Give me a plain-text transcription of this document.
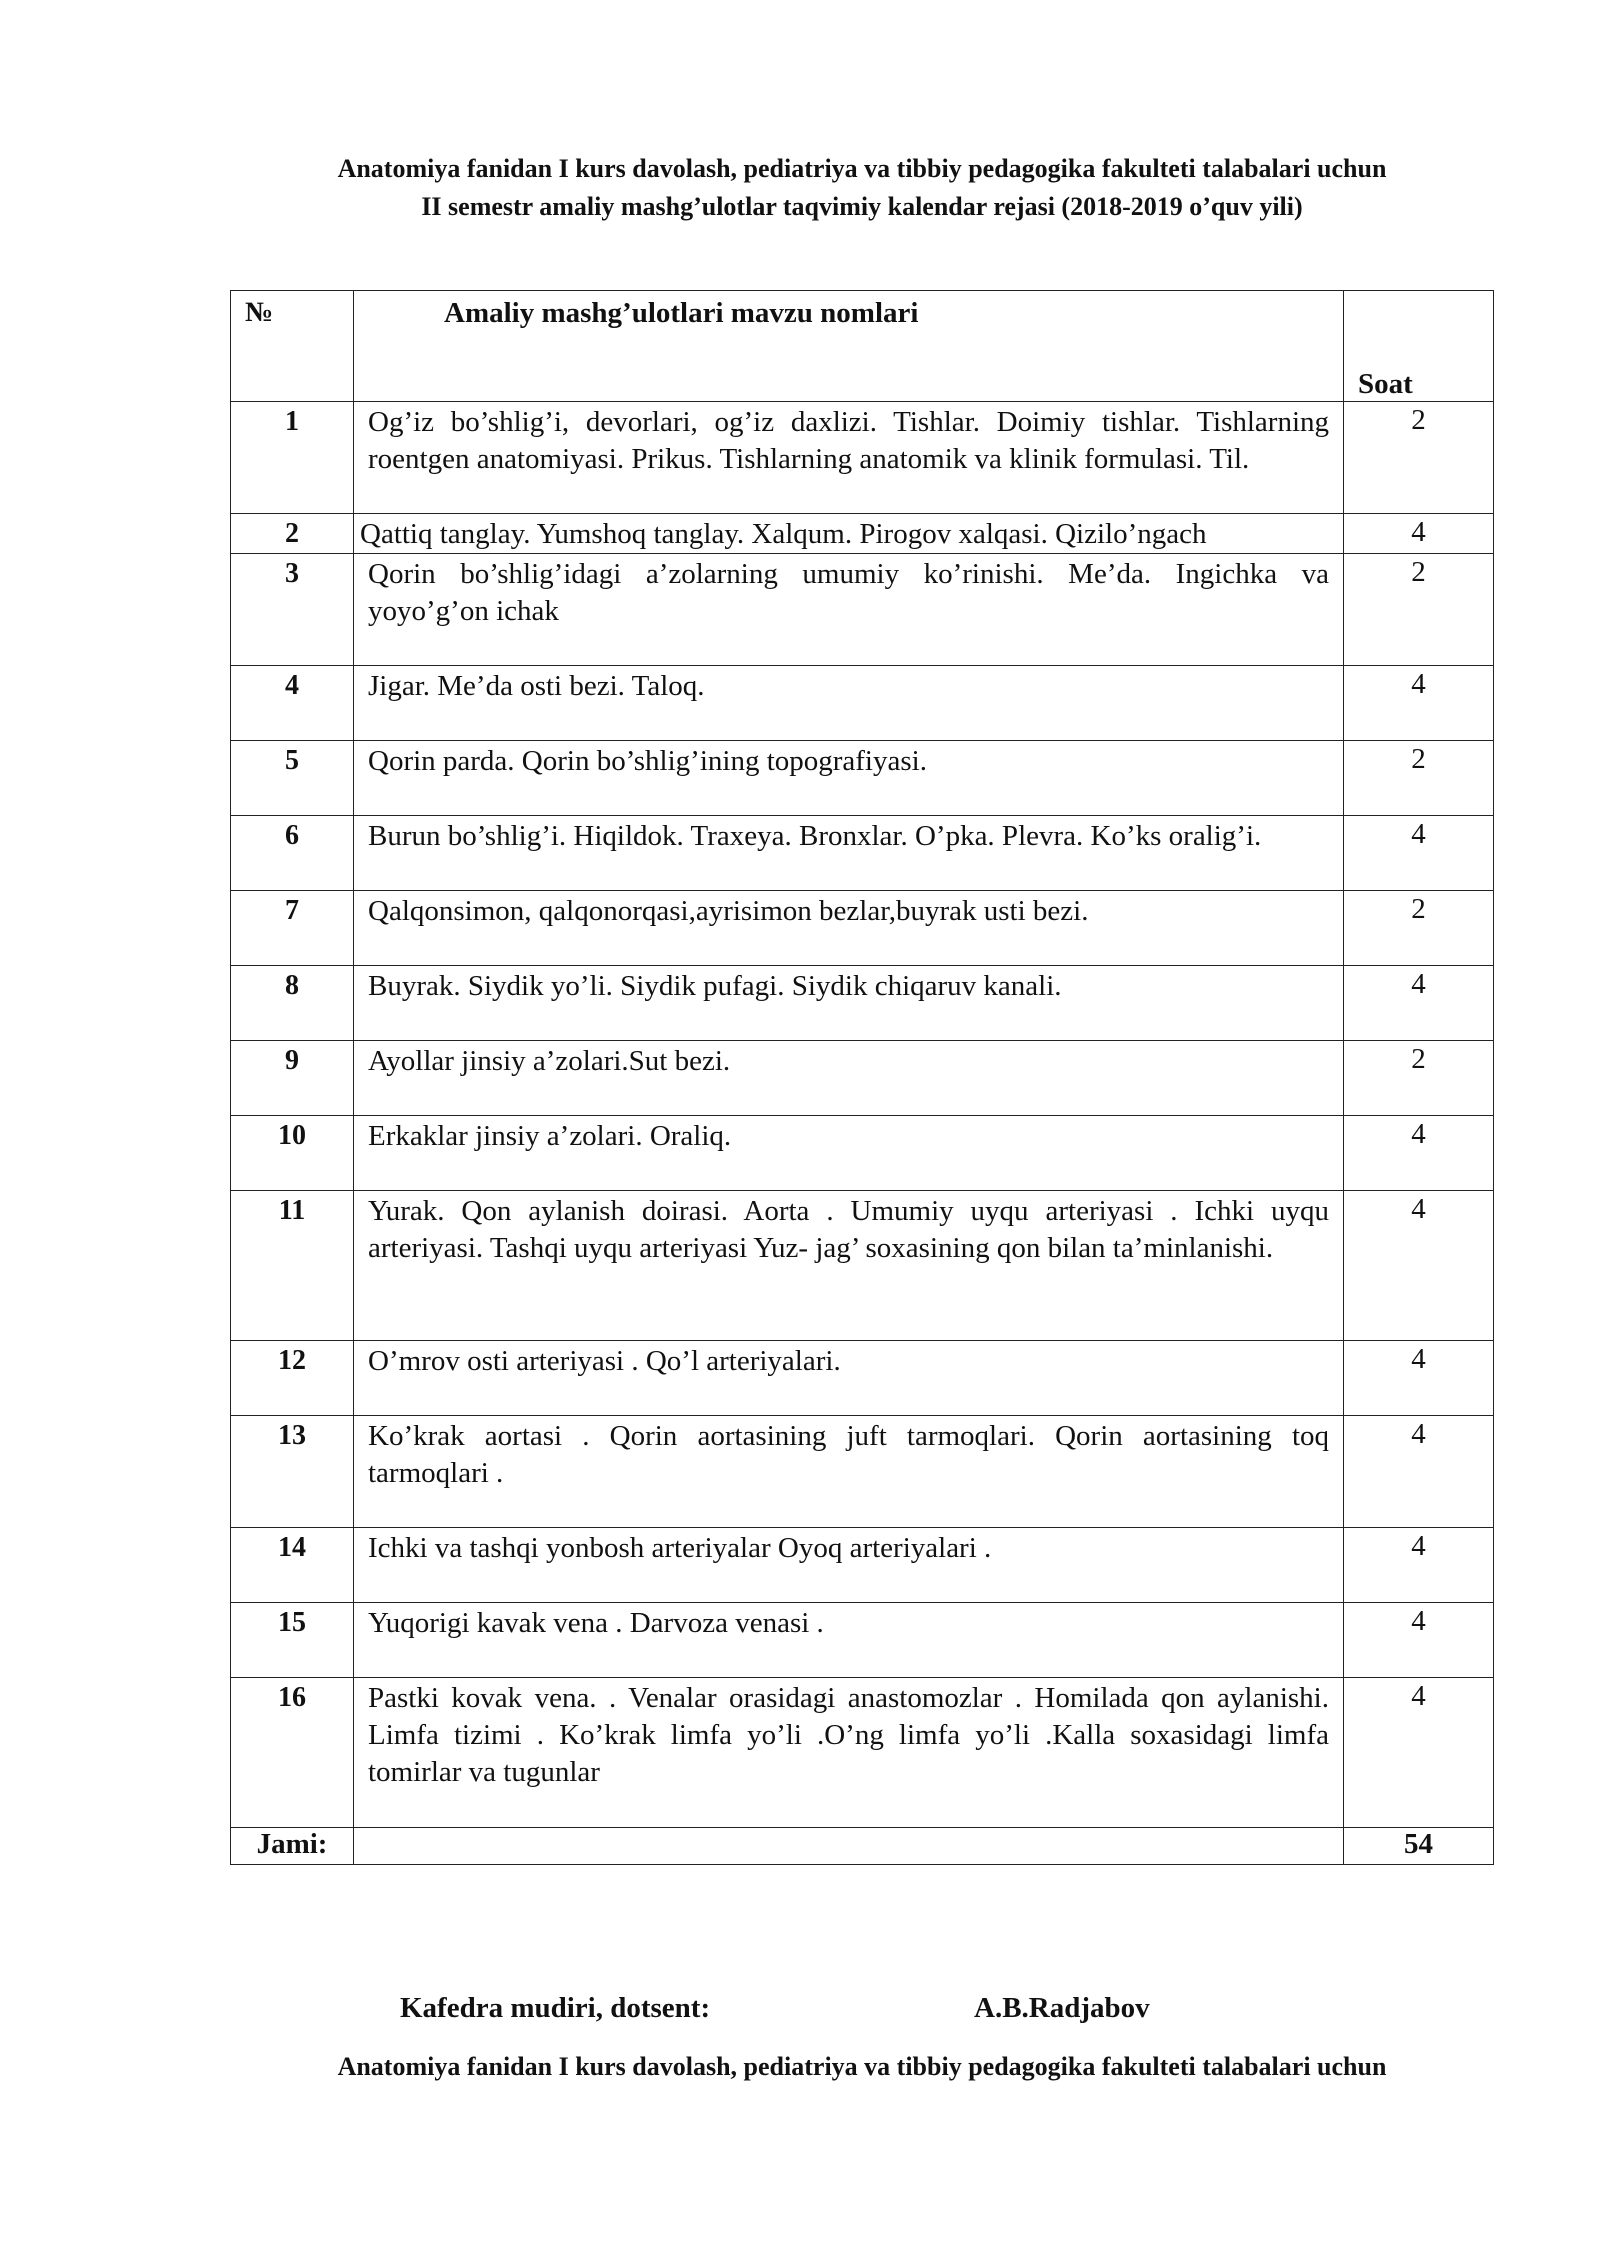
Anatomiya fanidan I kurs davolash, pediatriya va tibbiy pedagogika fakulteti talabalari uchun
II semestr amaliy mashg’ulotlar taqvimiy kalendar rejasi (2018-2019 o’quv yili)
№	Amaliy mashg’ulotlari mavzu nomlari	Soat
1	Og’iz bo’shlig’i, devorlari, og’iz daxlizi. Tishlar. Doimiy tishlar. Tishlarning roentgen anatomiyasi. Prikus. Tishlarning anatomik va klinik formulasi. Til.	2
2	Qattiq tanglay. Yumshoq tanglay. Xalqum. Pirogov xalqasi. Qizilo’ngach	4
3	Qorin bo’shlig’idagi a’zolarning umumiy ko’rinishi. Me’da. Ingichka va yoyo’g’on ichak	2
4	Jigar. Me’da osti bezi. Taloq.	4
5	Qorin parda. Qorin bo’shlig’ining topografiyasi.	2
6	Burun bo’shlig’i. Hiqildok. Traxeya. Bronxlar. O’pka. Plevra. Ko’ks oralig’i.	4
7	Qalqonsimon, qalqonorqasi,ayrisimon bezlar,buyrak usti bezi.	2
8	Buyrak. Siydik yo’li. Siydik pufagi. Siydik chiqaruv kanali.	4
9	Ayollar jinsiy a’zolari.Sut bezi.	2
10	Erkaklar jinsiy a’zolari. Oraliq.	4
11	Yurak. Qon aylanish doirasi. Aorta . Umumiy uyqu arteriyasi . Ichki uyqu arteriyasi. Tashqi uyqu arteriyasi Yuz- jag’ soxasining qon bilan ta’minlanishi.	4
12	O’mrov osti arteriyasi . Qo’l arteriyalari.	4
13	Ko’krak aortasi . Qorin aortasining juft tarmoqlari. Qorin aortasining toq tarmoqlari .	4
14	Ichki va tashqi yonbosh arteriyalar Oyoq arteriyalari .	4
15	Yuqorigi kavak vena . Darvoza venasi .	4
16	Pastki kovak vena. . Venalar orasidagi anastomozlar . Homilada qon aylanishi. Limfa tizimi . Ko’krak limfa yo’li .O’ng limfa yo’li .Kalla soxasidagi limfa tomirlar va tugunlar	4
Jami:		54
Kafedra mudiri, dotsent:	A.B.Radjabov
Anatomiya fanidan I kurs davolash, pediatriya va tibbiy pedagogika fakulteti talabalari uchun
